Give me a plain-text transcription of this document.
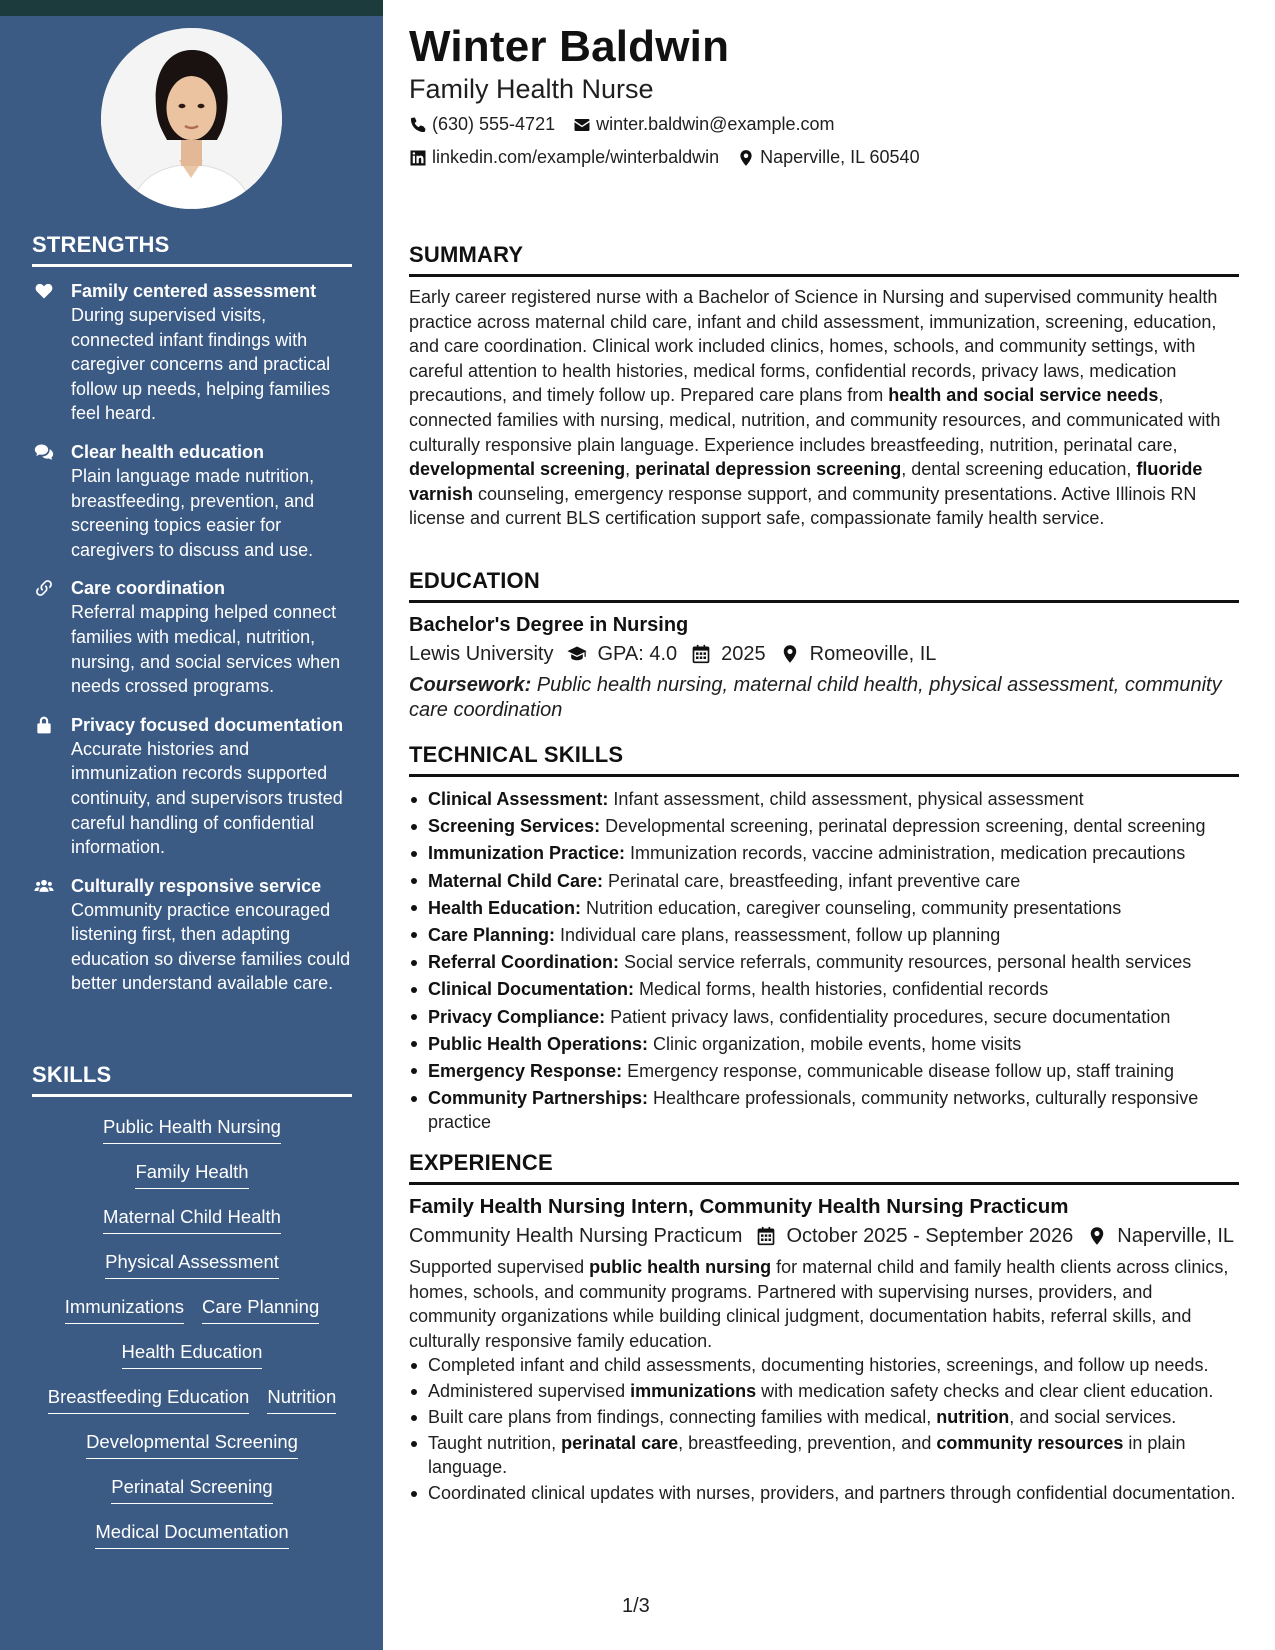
STRENGTHS
Family centered assessment
During supervised visits, connected infant findings with caregiver concerns and practical follow up needs, helping families feel heard.
Clear health education
Plain language made nutrition, breastfeeding, prevention, and screening topics easier for caregivers to discuss and use.
Care coordination
Referral mapping helped connect families with medical, nutrition, nursing, and social services when needs crossed programs.
Privacy focused documentation
Accurate histories and immunization records supported continuity, and supervisors trusted careful handling of confidential information.
Culturally responsive service
Community practice encouraged listening first, then adapting education so diverse families could better understand available care.
SKILLS
Public Health Nursing
Family Health
Maternal Child Health
Physical Assessment
Immunizations Care Planning
Health Education
Breastfeeding Education Nutrition
Developmental Screening
Perinatal Screening
Medical Documentation
Winter Baldwin
Family Health Nurse
(630) 555-4721 winter.baldwin@example.com
linkedin.com/example/winterbaldwin Naperville, IL 60540
SUMMARY
Early career registered nurse with a Bachelor of Science in Nursing and supervised community health practice across maternal child care, infant and child assessment, immunization, screening, education, and care coordination. Clinical work included clinics, homes, schools, and community settings, with careful attention to health histories, medical forms, confidential records, privacy laws, medication precautions, and timely follow up. Prepared care plans from health and social service needs, connected families with nursing, medical, nutrition, and community resources, and communicated with culturally responsive plain language. Experience includes breastfeeding, nutrition, perinatal care, developmental screening, perinatal depression screening, dental screening education, fluoride varnish counseling, emergency response support, and community presentations. Active Illinois RN license and current BLS certification support safe, compassionate family health service.
EDUCATION
Bachelor's Degree in Nursing
Lewis University GPA: 4.0 2025 Romeoville, IL
Coursework: Public health nursing, maternal child health, physical assessment, community care coordination
TECHNICAL SKILLS
Clinical Assessment: Infant assessment, child assessment, physical assessment
Screening Services: Developmental screening, perinatal depression screening, dental screening
Immunization Practice: Immunization records, vaccine administration, medication precautions
Maternal Child Care: Perinatal care, breastfeeding, infant preventive care
Health Education: Nutrition education, caregiver counseling, community presentations
Care Planning: Individual care plans, reassessment, follow up planning
Referral Coordination: Social service referrals, community resources, personal health services
Clinical Documentation: Medical forms, health histories, confidential records
Privacy Compliance: Patient privacy laws, confidentiality procedures, secure documentation
Public Health Operations: Clinic organization, mobile events, home visits
Emergency Response: Emergency response, communicable disease follow up, staff training
Community Partnerships: Healthcare professionals, community networks, culturally responsive practice
EXPERIENCE
Family Health Nursing Intern, Community Health Nursing Practicum
Community Health Nursing Practicum October 2025 - September 2026 Naperville, IL
Supported supervised public health nursing for maternal child and family health clients across clinics, homes, schools, and community programs. Partnered with supervising nurses, providers, and community organizations while building clinical judgment, documentation habits, referral skills, and culturally responsive family education.
Completed infant and child assessments, documenting histories, screenings, and follow up needs.
Administered supervised immunizations with medication safety checks and clear client education.
Built care plans from findings, connecting families with medical, nutrition, and social services.
Taught nutrition, perinatal care, breastfeeding, prevention, and community resources in plain language.
Coordinated clinical updates with nurses, providers, and partners through confidential documentation.
1/3
